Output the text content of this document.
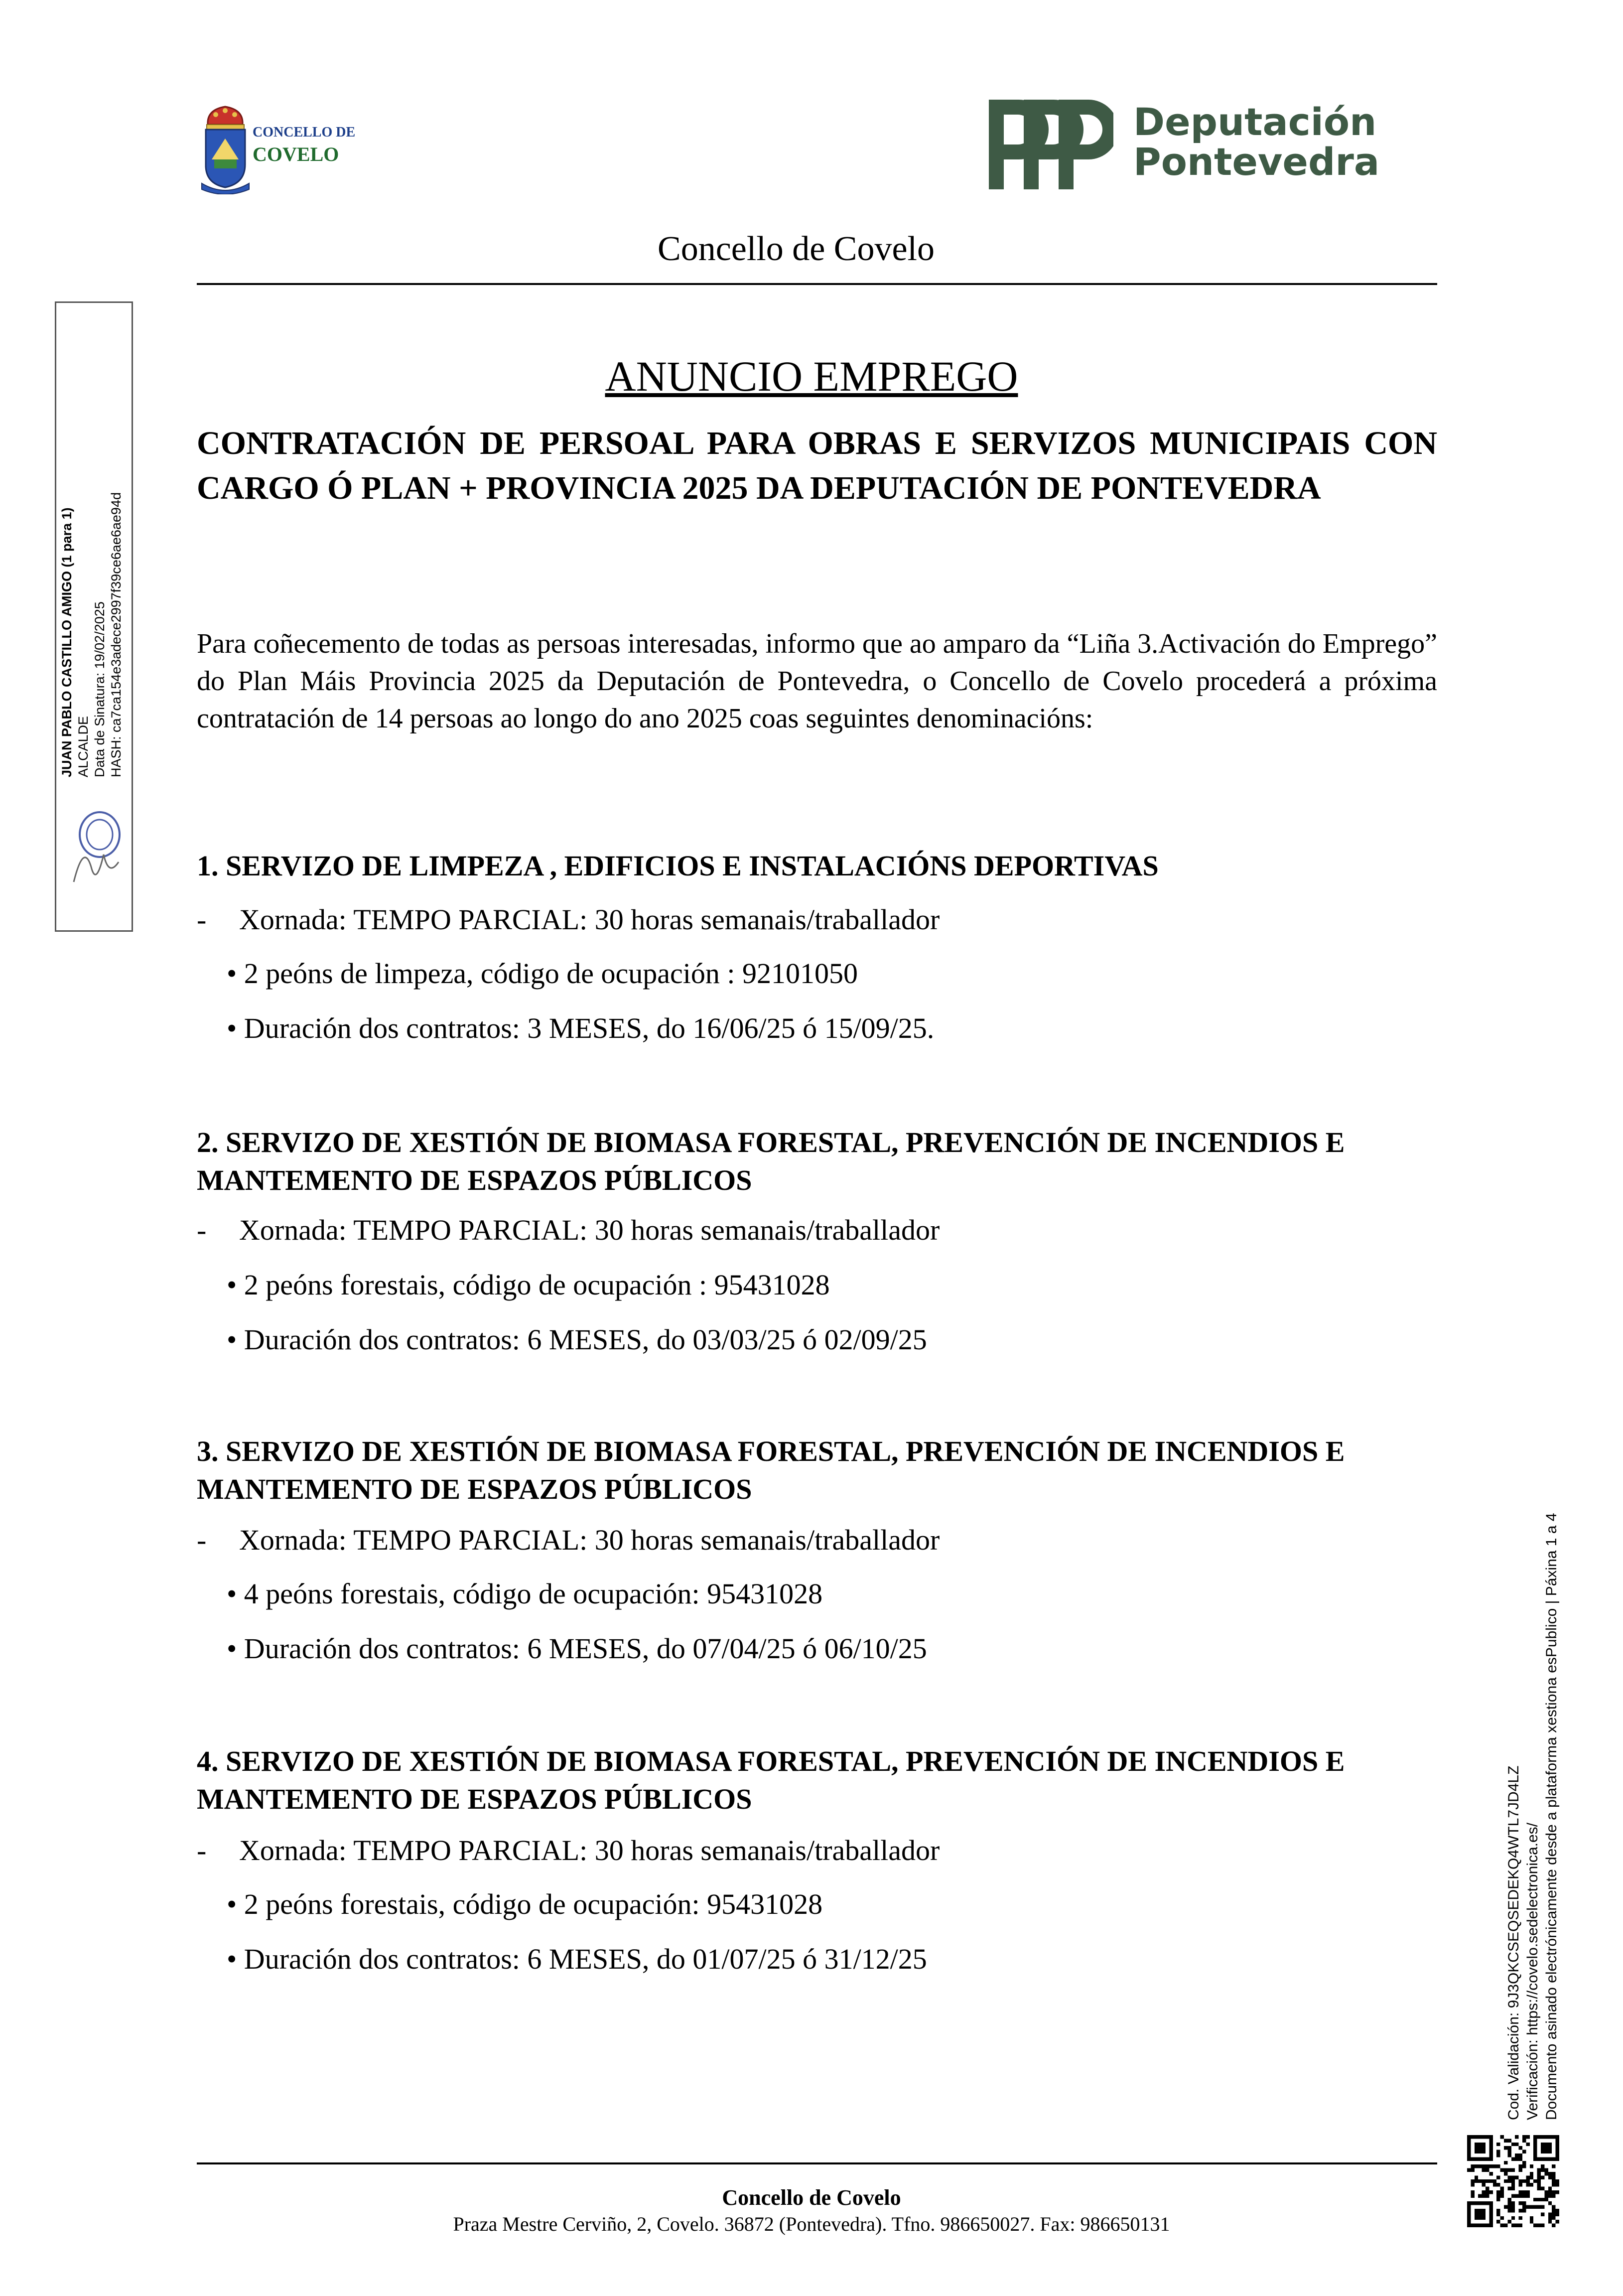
CONCELLO DE
COVELO
Deputación
Pontevedra
Concello de Covelo
JUAN PABLO CASTILLO AMIGO (1 para 1) ALCALDE Data de Sinatura: 19/02/2025 HASH: ca7ca154e3adece2997f39ce6ae6ae94d
ANUNCIO EMPREGO
CONTRATACIÓN DE PERSOAL PARA OBRAS E SERVIZOS MUNICIPAIS CON CARGO Ó PLAN + PROVINCIA 2025 DA DEPUTACIÓN DE PONTEVEDRA
Para coñecemento de todas as persoas interesadas, informo que ao amparo da “Liña 3.Activación do Emprego” do Plan Máis Provincia 2025 da Deputación de Pontevedra, o Concello de Covelo procederá a próxima contratación de 14 persoas ao longo do ano 2025 coas seguintes denominacións:
1. SERVIZO DE LIMPEZA , EDIFICIOS E INSTALACIÓNS DEPORTIVAS
- Xornada: TEMPO PARCIAL: 30 horas semanais/traballador
• 2 peóns de limpeza, código de ocupación : 92101050
• Duración dos contratos: 3 MESES, do 16/06/25 ó 15/09/25.
2. SERVIZO DE XESTIÓN DE BIOMASA FORESTAL, PREVENCIÓN DE INCENDIOS E MANTEMENTO DE ESPAZOS PÚBLICOS
- Xornada: TEMPO PARCIAL: 30 horas semanais/traballador
• 2 peóns forestais, código de ocupación : 95431028
• Duración dos contratos: 6 MESES, do 03/03/25 ó 02/09/25
3. SERVIZO DE XESTIÓN DE BIOMASA FORESTAL, PREVENCIÓN DE INCENDIOS E MANTEMENTO DE ESPAZOS PÚBLICOS
- Xornada: TEMPO PARCIAL: 30 horas semanais/traballador
• 4 peóns forestais, código de ocupación: 95431028
• Duración dos contratos: 6 MESES, do 07/04/25 ó 06/10/25
4. SERVIZO DE XESTIÓN DE BIOMASA FORESTAL, PREVENCIÓN DE INCENDIOS E MANTEMENTO DE ESPAZOS PÚBLICOS
- Xornada: TEMPO PARCIAL: 30 horas semanais/traballador
• 2 peóns forestais, código de ocupación: 95431028
• Duración dos contratos: 6 MESES, do 01/07/25 ó 31/12/25	Cod. Validación: 9J3QKCSEQSEDEKQ4WTL7JD4LZ Verificación: https://covelo.sedelectronica.es/ Documento asinado electrónicamente desde a plataforma xestiona esPublico | Páxina 1 a 4
Concello de Covelo
Praza Mestre Cerviño, 2, Covelo. 36872 (Pontevedra). Tfno. 986650027. Fax: 986650131
